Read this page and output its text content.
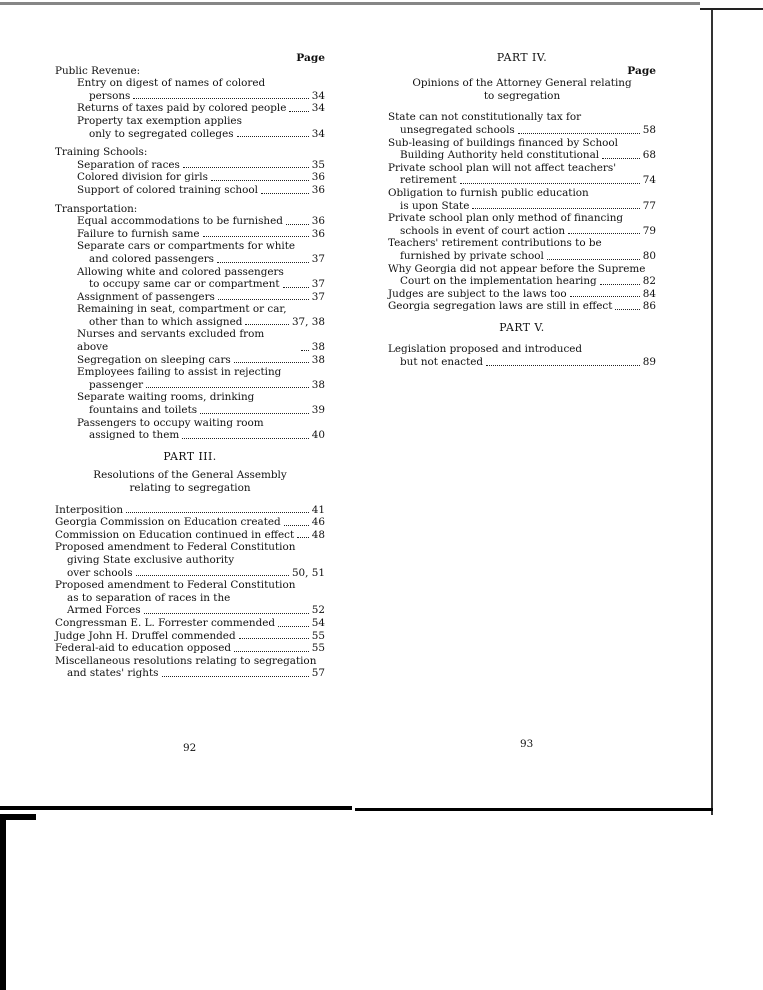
Page
Public Revenue:
Entry on digest of names of colored
persons	34
Returns of taxes paid by colored people 34
Property tax exemption applies
only to segregated colleges	34
Training Schools:
Separation of races	35
Colored division for girls	36
Support of colored training school	36
Transportation:
Equal accommodations to be furnished	36
Failure to furnish same	36
Separate cars or compartments for white
and colored passengers	37
Allowing white and colored passengers
to occupy same car or compartment	37
Assignment of passengers	37
Remaining in seat, compartment or car,
other than to which assigned	37, 38
Nurses and servants excluded from above	38
Segregation on sleeping cars	38
Employees failing to assist in rejecting
passenger	38
Separate waiting rooms, drinking
fountains and toilets	39
Passengers to occupy waiting room
assigned to them	40
PART III.
Resolutions of the General Assembly
relating to segregation
Interposition	41
Georgia Commission on Education created	46
Commission on Education continued in effect 48
Proposed amendment to Federal Constitution
giving State exclusive authority
over schools	50, 51
Proposed amendment to Federal Constitution
as to separation of races in the
Armed Forces	52
Congressman E. L. Forrester commended	54
Judge John H. Druffel commended	55
Federal-aid to education opposed	55
Miscellaneous resolutions relating to segregation
and states' rights	57
PART IV.
Page
Opinions of the Attorney General relating
to segregation
State can not constitutionally tax for
unsegregated schools	58
Sub-leasing of buildings financed by School
Building Authority held constitutional	68
Private school plan will not affect teachers'
retirement	74
Obligation to furnish public education
is upon State	77
Private school plan only method of financing
schools in event of court action	79
Teachers' retirement contributions to be
furnished by private school	80
Why Georgia did not appear before the Supreme
Court on the implementation hearing	82
Judges are subject to the laws too	84
Georgia segregation laws are still in effect	86
PART V.
Legislation proposed and introduced
but not enacted	89
92	93
